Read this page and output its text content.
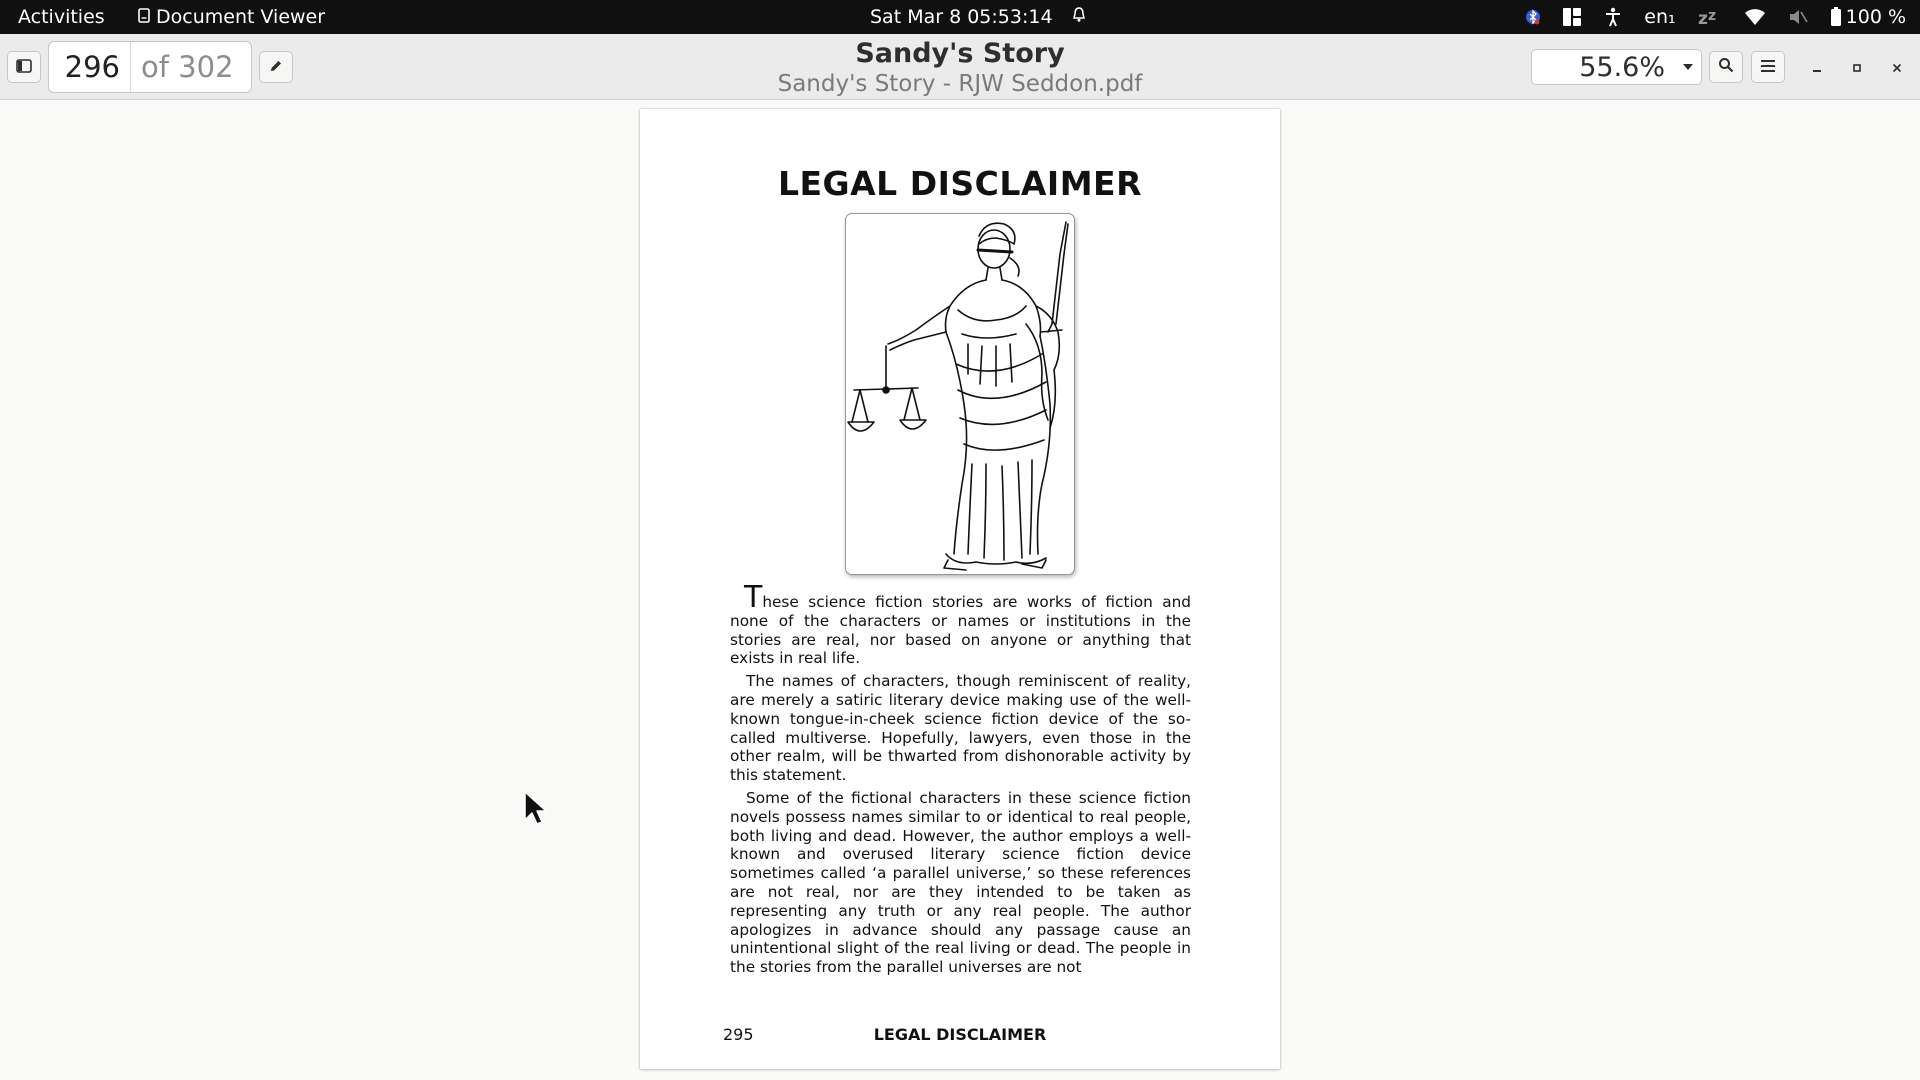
Activities	Document Viewer	Sat Mar 8 05:53:14	en₁ z z	100 %
296 of 302	Sandy's Story
Sandy's Story - RJW Seddon.pdf
55.6%
LEGAL DISCLAIMER

These science fiction stories are works of fiction and none of the characters or names or institutions in the stories are real, nor based on anyone or anything that exists in real life.

The names of characters, though reminiscent of reality, are merely a satiric literary device making use of the well-known tongue-in-cheek science fiction device of the so-called multiverse. Hopefully, lawyers, even those in the other realm, will be thwarted from dishonorable activity by this statement.

Some of the fictional characters in these science fiction novels possess names similar to or identical to real people, both living and dead. However, the author employs a well-known and overused literary science fiction device sometimes called ‘a parallel universe,’ so these references are not real, nor are they intended to be taken as representing any truth or any real people. The author apologizes in advance should any passage cause an unintentional slight of the real living or dead. The people in the stories from the parallel universes are not

295	LEGAL DISCLAIMER
